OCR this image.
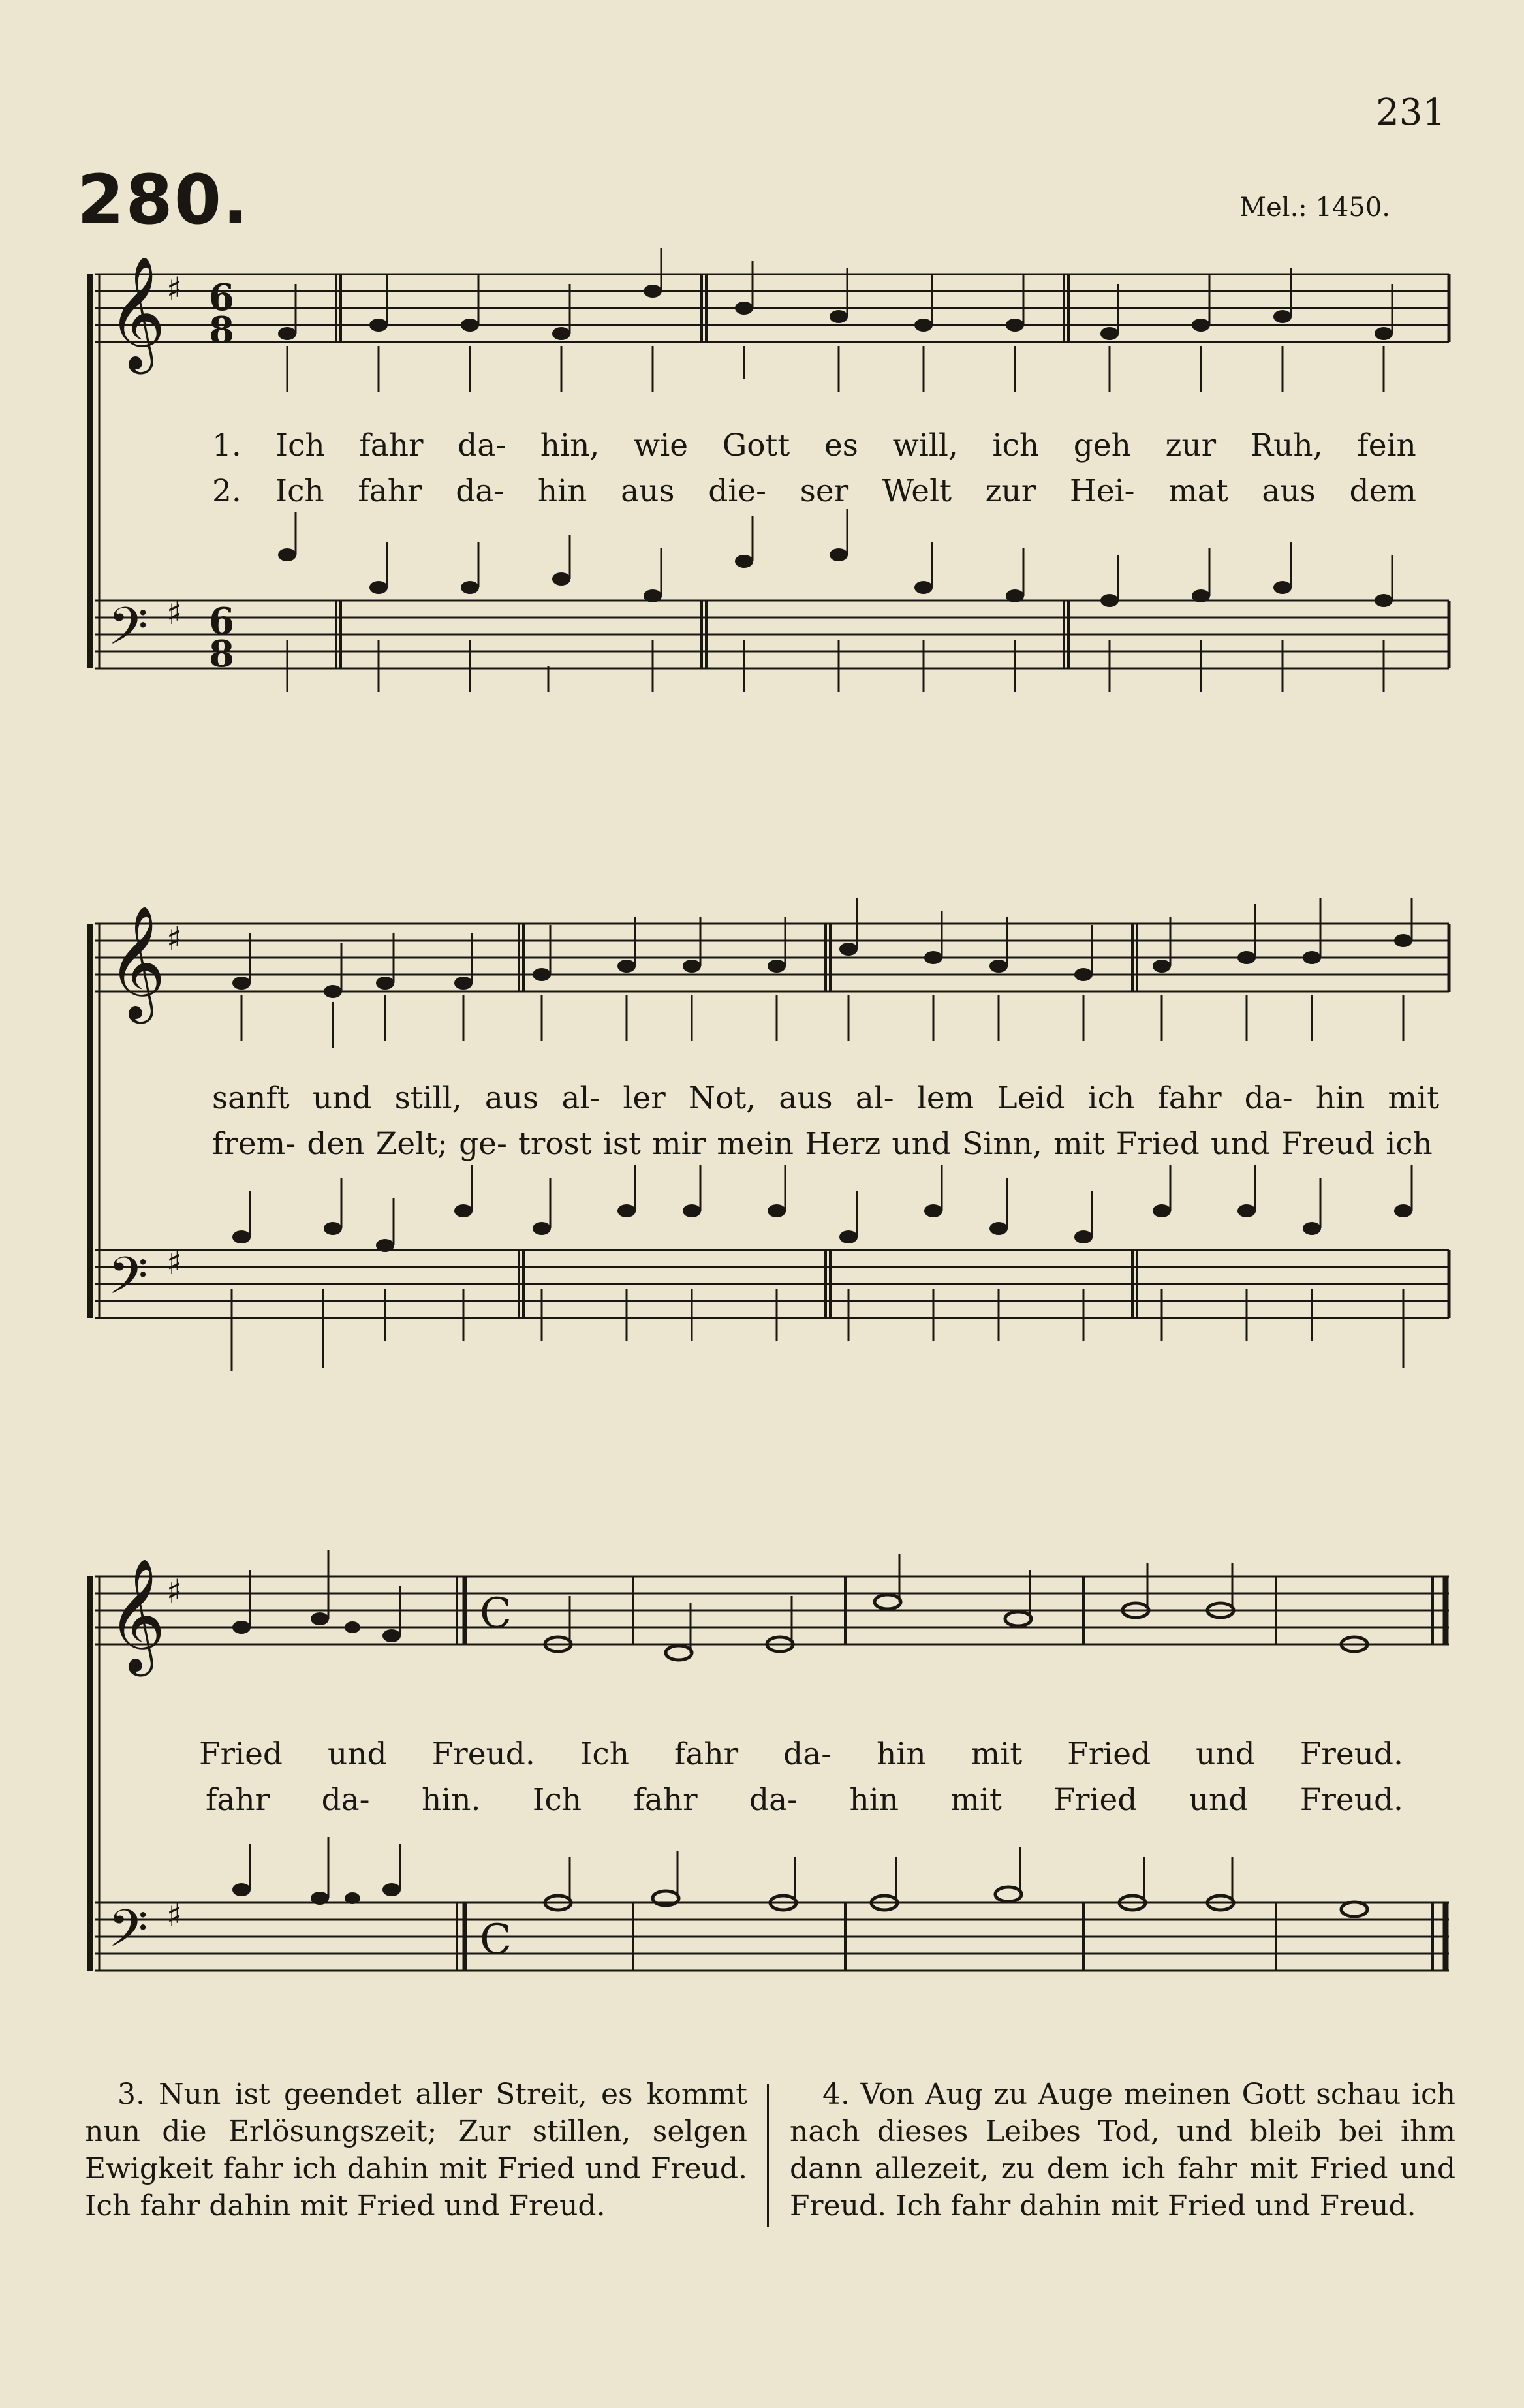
231
280.	Mel.: 1450.
𝄞
𝄢
♯
♯
6
8
6
8
1. Ich fahr da- hin, wie Gott es will, ich geh zur Ruh, fein
2. Ich fahr da- hin aus die- ser Welt zur Hei- mat aus dem
𝄞
𝄢
♯
♯
sanft und still, aus al- ler Not, aus al- lem Leid ich fahr da- hin mit
frem- den Zelt; ge- trost ist mir mein Herz und Sinn, mit Fried und Freud ich
𝄞
𝄢
♯
♯
C
C
Fried und Freud. Ich fahr da- hin mit Fried und Freud.
fahr da- hin. Ich fahr da- hin mit Fried und Freud.
3. Nun ist geendet aller Streit, es kommt nun die Erlösungszeit; Zur stillen, selgen Ewigkeit fahr ich dahin mit Fried und Freud. Ich fahr dahin mit Fried und Freud.
4. Von Aug zu Auge meinen Gott schau ich nach dieses Leibes Tod, und bleib bei ihm dann allezeit, zu dem ich fahr mit Fried und Freud. Ich fahr dahin mit Fried und Freud.
